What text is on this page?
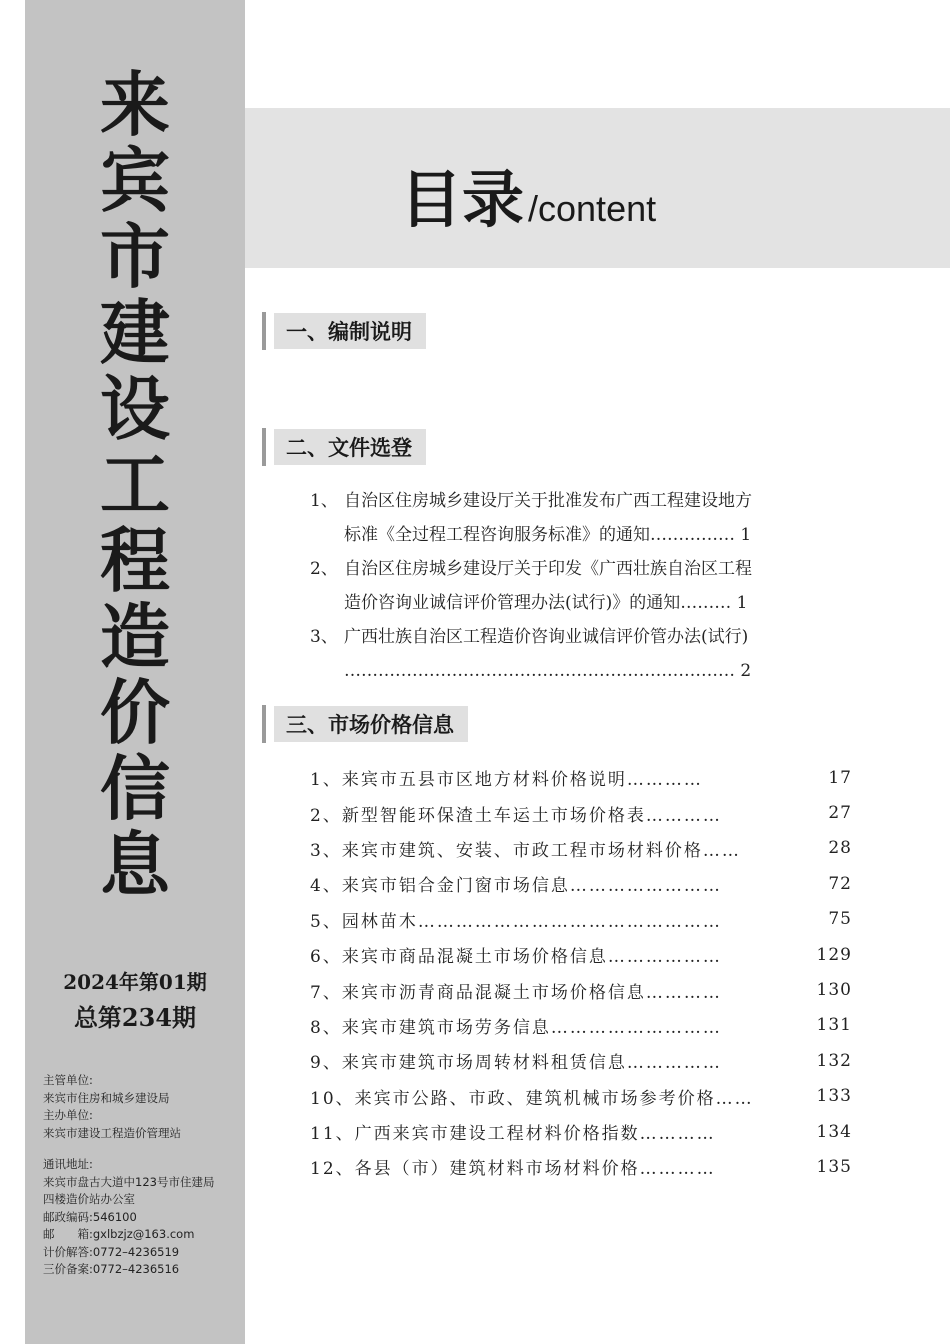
来
宾
市
建
设
工
程
造
价
信
息
2024年第01期
总第234期
主管单位:
来宾市住房和城乡建设局
主办单位:
来宾市建设工程造价管理站
通讯地址:
来宾市盘古大道中123号市住建局
四楼造价站办公室
邮政编码:546100
邮　　箱:gxlbzjz@163.com
计价解答:0772–4236519
三价备案:0772–4236516
目录 /content
一、编制说明
二、文件选登
1、 自治区住房城乡建设厅关于批准发布广西工程建设地方
标准《全过程工程咨询服务标准》的通知…………… 1
2、 自治区住房城乡建设厅关于印发《广西壮族自治区工程
造价咨询业诚信评价管理办法(试行)》的通知……… 1
3、 广西壮族自治区工程造价咨询业诚信评价管办法(试行)
…………………………………………………………… 2
三、市场价格信息
1、来宾市五县市区地方材料价格说明…………	17
2、新型智能环保渣土车运土市场价格表…………	27
3、来宾市建筑、安装、市政工程市场材料价格……	28
4、来宾市铝合金门窗市场信息……………………	72
5、园林苗木…………………………………………	75
6、来宾市商品混凝土市场价格信息………………	129
7、来宾市沥青商品混凝土市场价格信息…………	130
8、来宾市建筑市场劳务信息………………………	131
9、来宾市建筑市场周转材料租赁信息……………	132
10、来宾市公路、市政、建筑机械市场参考价格……	133
11、广西来宾市建设工程材料价格指数…………	134
12、各县（市）建筑材料市场材料价格…………	135
